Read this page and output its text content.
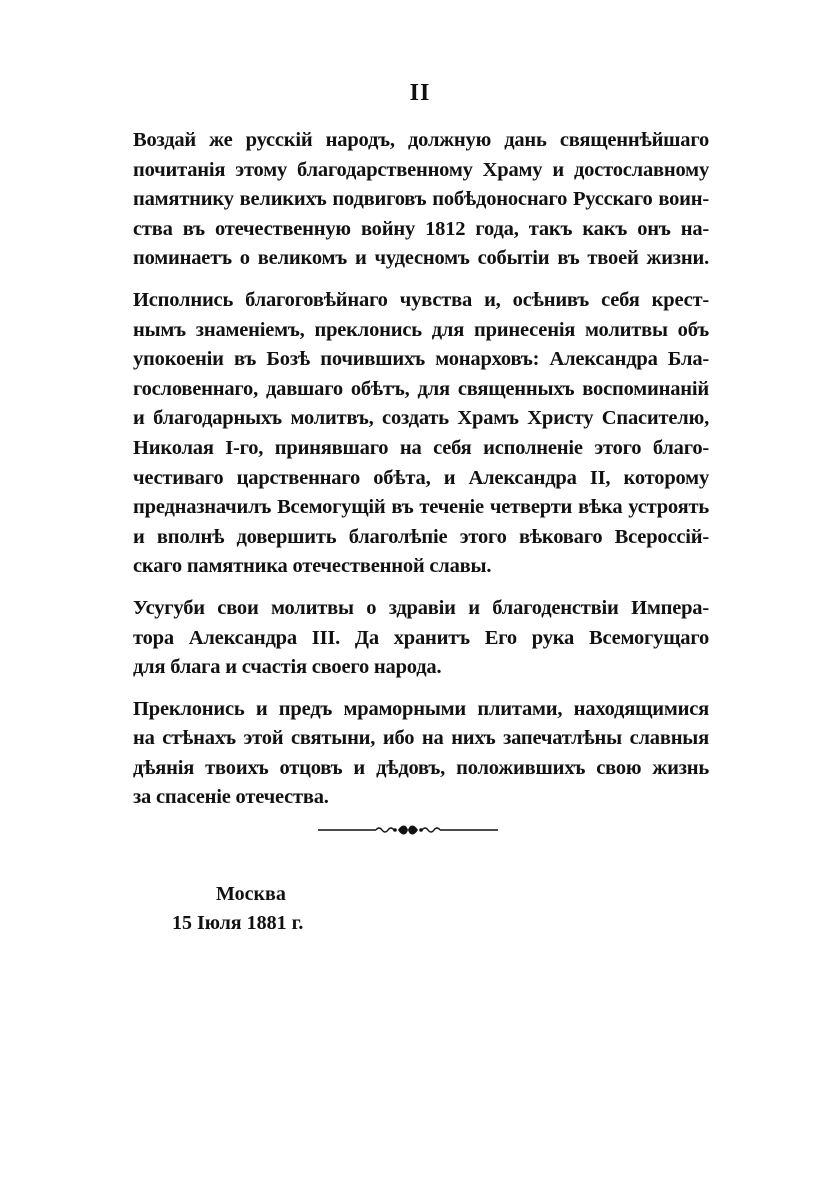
II

Воздай же русскій народъ, должную дань священнѣйшаго
почитанія этому благодарственному Храму и достославному
памятнику великихъ подвиговъ побѣдоноснаго Русскаго воин-
ства въ отечественную войну 1812 года, такъ какъ онъ на-
поминаетъ о великомъ и чудесномъ событіи въ твоей жизни.

Исполнись благоговѣйнаго чувства и, осѣнивъ себя крест-
нымъ знаменіемъ, преклонись для принесенія молитвы объ
упокоеніи въ Бозѣ почившихъ монарховъ: Александра Бла-
гословеннаго, давшаго обѣтъ, для священныхъ воспоминаній
и благодарныхъ молитвъ, создать Храмъ Христу Спасителю,
Николая I-го, принявшаго на себя исполненіе этого благо-
честиваго царственнаго обѣта, и Александра II, которому
предназначилъ Всемогущій въ теченіе четверти вѣка устроять
и вполнѣ довершить благолѣпіе этого вѣковаго Всероссій-
скаго памятника отечественной славы.

Усугуби свои молитвы о здравіи и благоденствіи Импера-
тора Александра III. Да хранитъ Его рука Всемогущаго
для блага и счастія своего народа.

Преклонись и предъ мраморными плитами, находящимися
на стѣнахъ этой святыни, ибо на нихъ запечатлѣны славныя
дѣянія твоихъ отцовъ и дѣдовъ, положившихъ свою жизнь
за спасеніе отечества.

Москва
15 Іюля 1881 г.
